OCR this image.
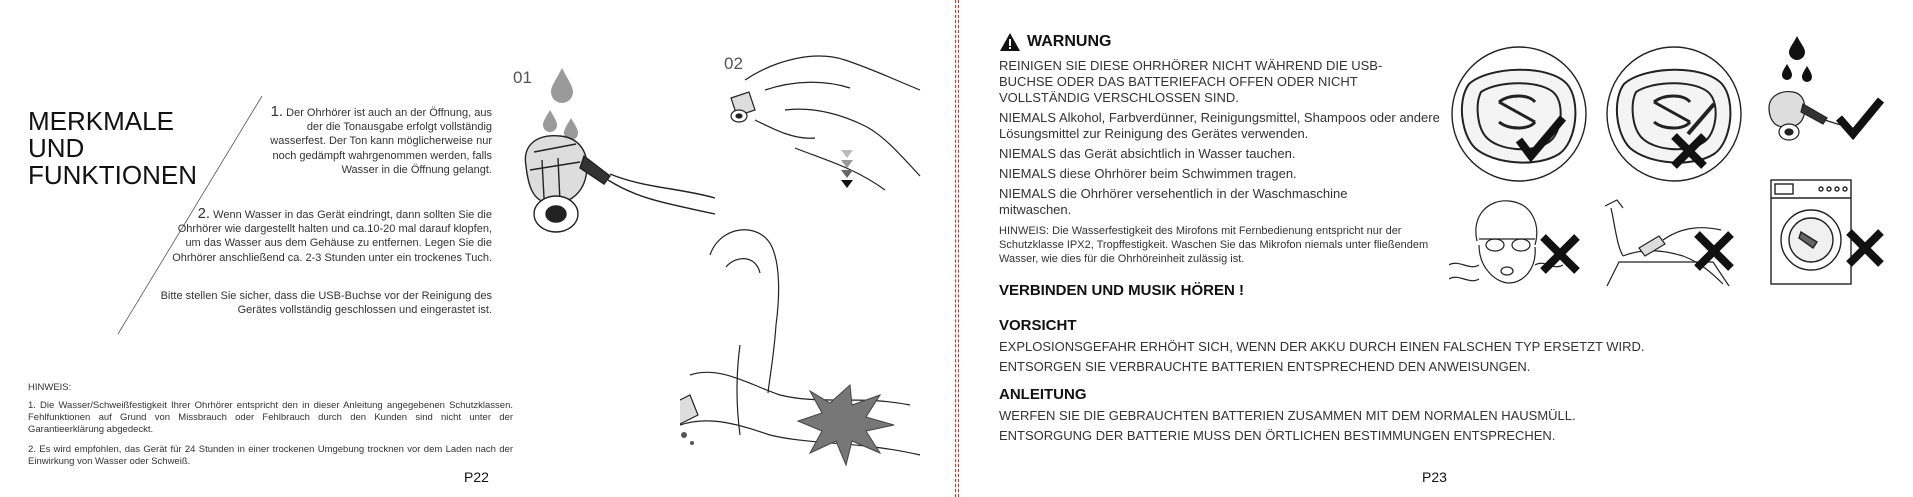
MERKMALE
UND
FUNKTIONEN
1. Der Ohrhörer ist auch an der Öffnung, aus der die Tonausgabe erfolgt vollständig wasserfest. Der Ton kann möglicherweise nur noch gedämpft wahrgenommen werden, falls Wasser in die Öffnung gelangt.
2. Wenn Wasser in das Gerät eindringt, dann sollten Sie die Ohrhörer wie dargestellt halten und ca.10-20 mal darauf klopfen, um das Wasser aus dem Gehäuse zu entfernen. Legen Sie die Ohrhörer anschließend ca. 2-3 Stunden unter ein trockenes Tuch.
Bitte stellen Sie sicher, dass die USB-Buchse vor der Reinigung des Gerätes vollständig geschlossen und eingerastet ist.
01
02
HINWEIS:
1. Die Wasser/Schweißfestigkeit Ihrer Ohrhörer entspricht den in dieser Anleitung angegebenen Schutzklassen. Fehlfunktionen auf Grund von Missbrauch oder Fehlbrauch durch den Kunden sind nicht unter der Garantieerklärung abgedeckt.
2. Es wird empfohlen, das Gerät für 24 Stunden in einer trockenen Umgebung trocknen vor dem Laden nach der Einwirkung von Wasser oder Schweiß.
P22
WARNUNG
REINIGEN SIE DIESE OHRHÖRER NICHT WÄHREND DIE USB-BUCHSE ODER DAS BATTERIEFACH OFFEN ODER NICHT VOLLSTÄNDIG VERSCHLOSSEN SIND.
NIEMALS Alkohol, Farbverdünner, Reinigungsmittel, Shampoos oder andere Lösungsmittel zur Reinigung des Gerätes verwenden.
NIEMALS das Gerät absichtlich in Wasser tauchen.
NIEMALS diese Ohrhörer beim Schwimmen tragen.
NIEMALS die Ohrhörer versehentlich in der Waschmaschine mitwaschen.
HINWEIS: Die Wasserfestigkeit des Mirofons mit Fernbedienung entspricht nur der Schutzklasse IPX2, Tropffestigkeit. Waschen Sie das Mikrofon niemals unter fließendem Wasser, wie dies für die Ohrhöreinheit zulässig ist.
VERBINDEN UND MUSIK HÖREN !
VORSICHT
EXPLOSIONSGEFAHR ERHÖHT SICH, WENN DER AKKU DURCH EINEN FALSCHEN TYP ERSETZT WIRD.
ENTSORGEN SIE VERBRAUCHTE BATTERIEN ENTSPRECHEND DEN ANWEISUNGEN.
ANLEITUNG
WERFEN SIE DIE GEBRAUCHTEN BATTERIEN ZUSAMMEN MIT DEM NORMALEN HAUSMÜLL.
ENTSORGUNG DER BATTERIE MUSS DEN ÖRTLICHEN BESTIMMUNGEN ENTSPRECHEN.
P23
